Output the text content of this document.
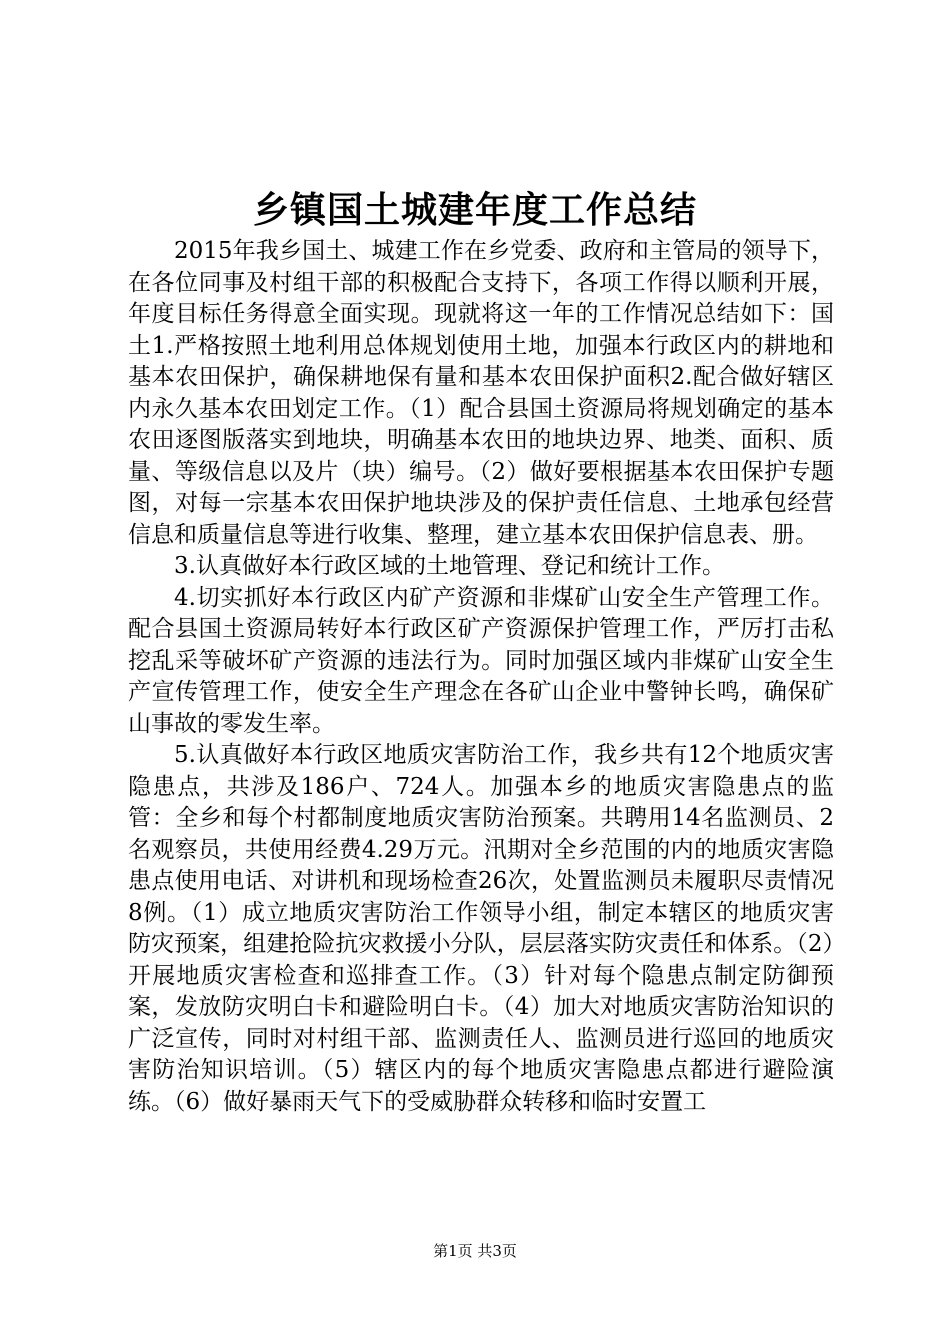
乡镇国土城建年度工作总结

2015年我乡国土、城建工作在乡党委、政府和主管局的领导下，在各位同事及村组干部的积极配合支持下，各项工作得以顺利开展，年度目标任务得意全面实现。现就将这一年的工作情况总结如下：国土1.严格按照土地利用总体规划使用土地，加强本行政区内的耕地和基本农田保护，确保耕地保有量和基本农田保护面积2.配合做好辖区内永久基本农田划定工作。（1）配合县国土资源局将规划确定的基本农田逐图版落实到地块，明确基本农田的地块边界、地类、面积、质量、等级信息以及片（块）编号。（2）做好要根据基本农田保护专题图，对每一宗基本农田保护地块涉及的保护责任信息、土地承包经营信息和质量信息等进行收集、整理，建立基本农田保护信息表、册。

3.认真做好本行政区域的土地管理、登记和统计工作。

4.切实抓好本行政区内矿产资源和非煤矿山安全生产管理工作。配合县国土资源局转好本行政区矿产资源保护管理工作，严厉打击私挖乱采等破坏矿产资源的违法行为。同时加强区域内非煤矿山安全生产宣传管理工作，使安全生产理念在各矿山企业中警钟长鸣，确保矿山事故的零发生率。

5.认真做好本行政区地质灾害防治工作，我乡共有12个地质灾害隐患点，共涉及186户、724人。加强本乡的地质灾害隐患点的监管：全乡和每个村都制度地质灾害防治预案。共聘用14名监测员、2名观察员，共使用经费4.29万元。汛期对全乡范围的内的地质灾害隐患点使用电话、对讲机和现场检查26次，处置监测员未履职尽责情况8例。（1）成立地质灾害防治工作领导小组，制定本辖区的地质灾害防灾预案，组建抢险抗灾救援小分队，层层落实防灾责任和体系。（2）开展地质灾害检查和巡排查工作。（3）针对每个隐患点制定防御预案，发放防灾明白卡和避险明白卡。（4）加大对地质灾害防治知识的广泛宣传，同时对村组干部、监测责任人、监测员进行巡回的地质灾害防治知识培训。（5）辖区内的每个地质灾害隐患点都进行避险演练。（6）做好暴雨天气下的受威胁群众转移和临时安置工

第1页 共3页
